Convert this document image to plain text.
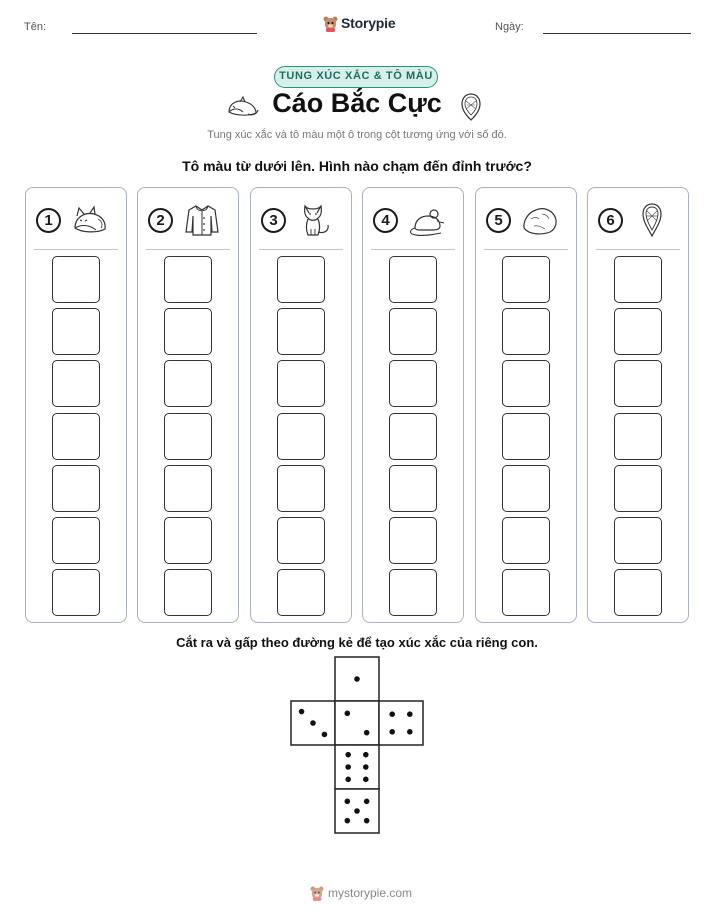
Tên:	Storypie	Ngày:
TUNG XÚC XẮC & TÔ MÀU
Cáo Bắc Cực
Tung xúc xắc và tô màu một ô trong cột tương ứng với số đó.
Tô màu từ dưới lên. Hình nào chạm đến đỉnh trước?
1	2	3	4	5	6
Cắt ra và gấp theo đường kẻ để tạo xúc xắc của riêng con.
mystorypie.com
